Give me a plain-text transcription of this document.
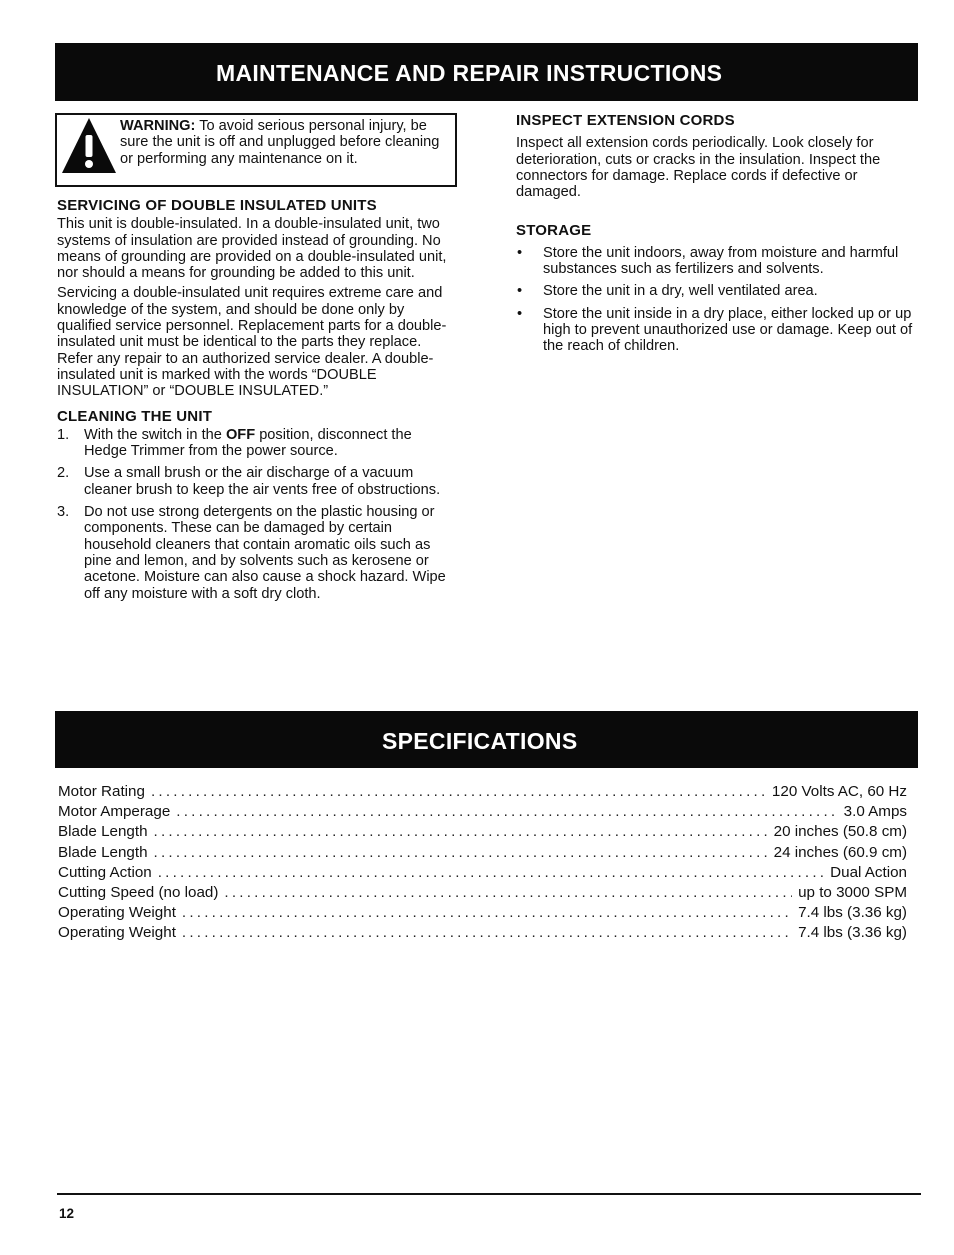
MAINTENANCE AND REPAIR INSTRUCTIONS
WARNING: To avoid serious personal injury, be sure the unit is off and unplugged before cleaning or performing any maintenance on it.
SERVICING OF DOUBLE INSULATED UNITS

This unit is double-insulated. In a double-insulated unit, two systems of insulation are provided instead of grounding. No means of grounding are provided on a double-insulated unit, nor should a means for grounding be added to this unit.

Servicing a double-insulated unit requires extreme care and knowledge of the system, and should be done only by qualified service personnel. Replacement parts for a double-insulated unit must be identical to the parts they replace. Refer any repair to an authorized service dealer. A double-insulated unit is marked with the words “DOUBLE INSULATION” or “DOUBLE INSULATED.”

CLEANING THE UNIT
1. With the switch in the OFF position, disconnect the Hedge Trimmer from the power source.
2. Use a small brush or the air discharge of a vacuum cleaner brush to keep the air vents free of obstructions.
3. Do not use strong detergents on the plastic housing or components. These can be damaged by certain household cleaners that contain aromatic oils such as pine and lemon, and by solvents such as kerosene or acetone. Moisture can also cause a shock hazard. Wipe off any moisture with a soft dry cloth.
INSPECT EXTENSION CORDS

Inspect all extension cords periodically. Look closely for deterioration, cuts or cracks in the insulation. Inspect the connectors for damage. Replace cords if defective or damaged.

STORAGE
• Store the unit indoors, away from moisture and harmful substances such as fertilizers and solvents.
• Store the unit in a dry, well ventilated area.
• Store the unit inside in a dry place, either locked up or up high to prevent unauthorized use or damage. Keep out of the reach of children.
SPECIFICATIONS
Motor Rating . . .	120 Volts AC, 60 Hz
Motor Amperage . . .	3.0 Amps
Blade Length . . .	20 inches (50.8 cm)
Blade Length . . .	24 inches (60.9 cm)
Cutting Action . . .	Dual Action
Cutting Speed (no load) . . .	up to 3000 SPM
Operating Weight . . .	7.4 lbs (3.36 kg)
Operating Weight . . .	7.4 lbs (3.36 kg)
12
